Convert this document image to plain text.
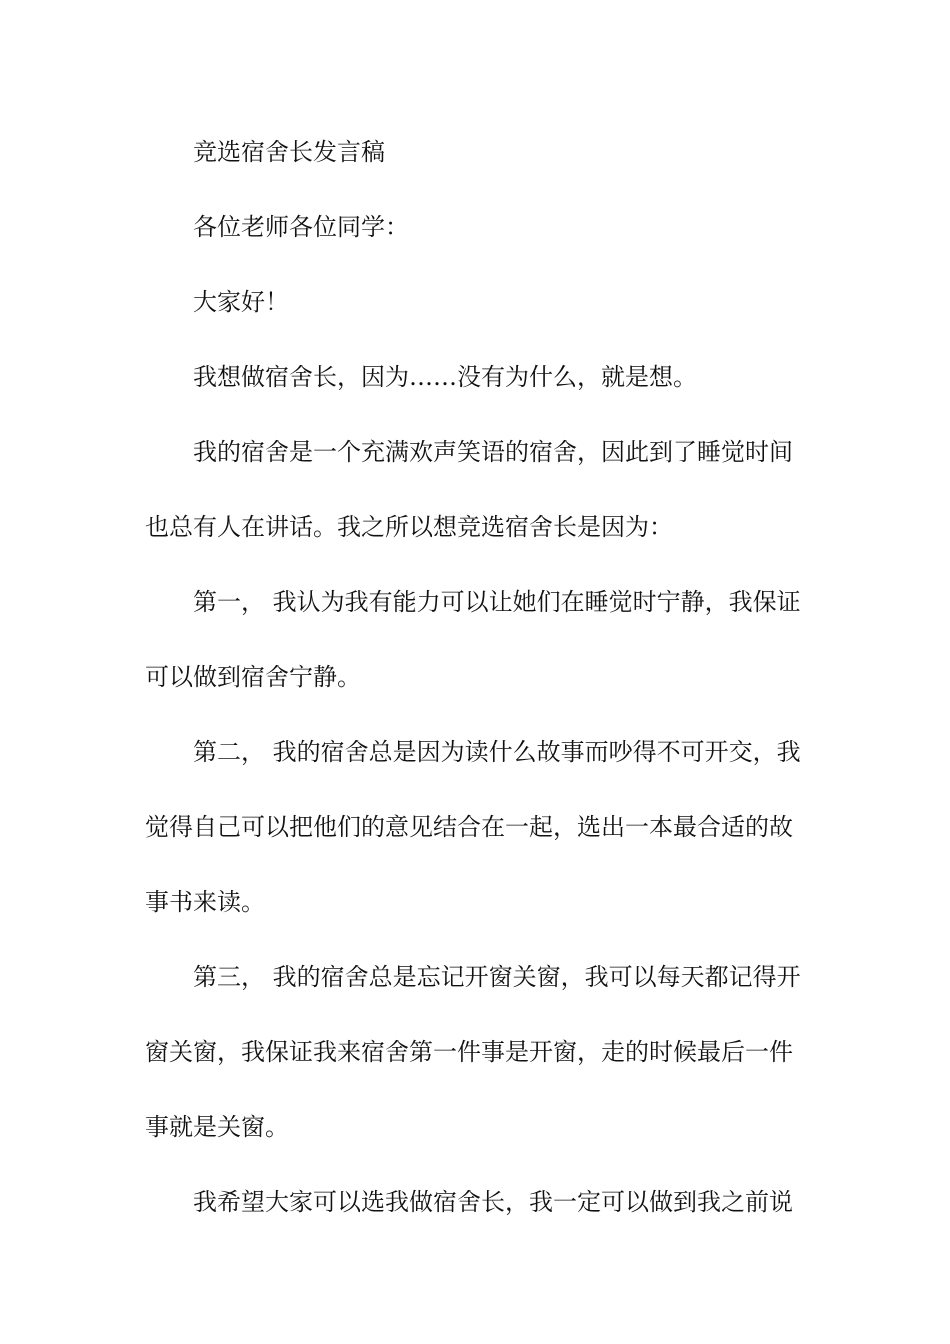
竞选宿舍长发言稿
各位老师各位同学：
大家好！
我想做宿舍长，因为……没有为什么，就是想。
我的宿舍是一个充满欢声笑语的宿舍，因此到了睡觉时间
也总有人在讲话。我之所以想竞选宿舍长是因为：
第一， 我认为我有能力可以让她们在睡觉时宁静，我保证
可以做到宿舍宁静。
第二， 我的宿舍总是因为读什么故事而吵得不可开交，我
觉得自己可以把他们的意见结合在一起，选出一本最合适的故
事书来读。
第三， 我的宿舍总是忘记开窗关窗，我可以每天都记得开
窗关窗，我保证我来宿舍第一件事是开窗，走的时候最后一件
事就是关窗。
我希望大家可以选我做宿舍长，我一定可以做到我之前说
